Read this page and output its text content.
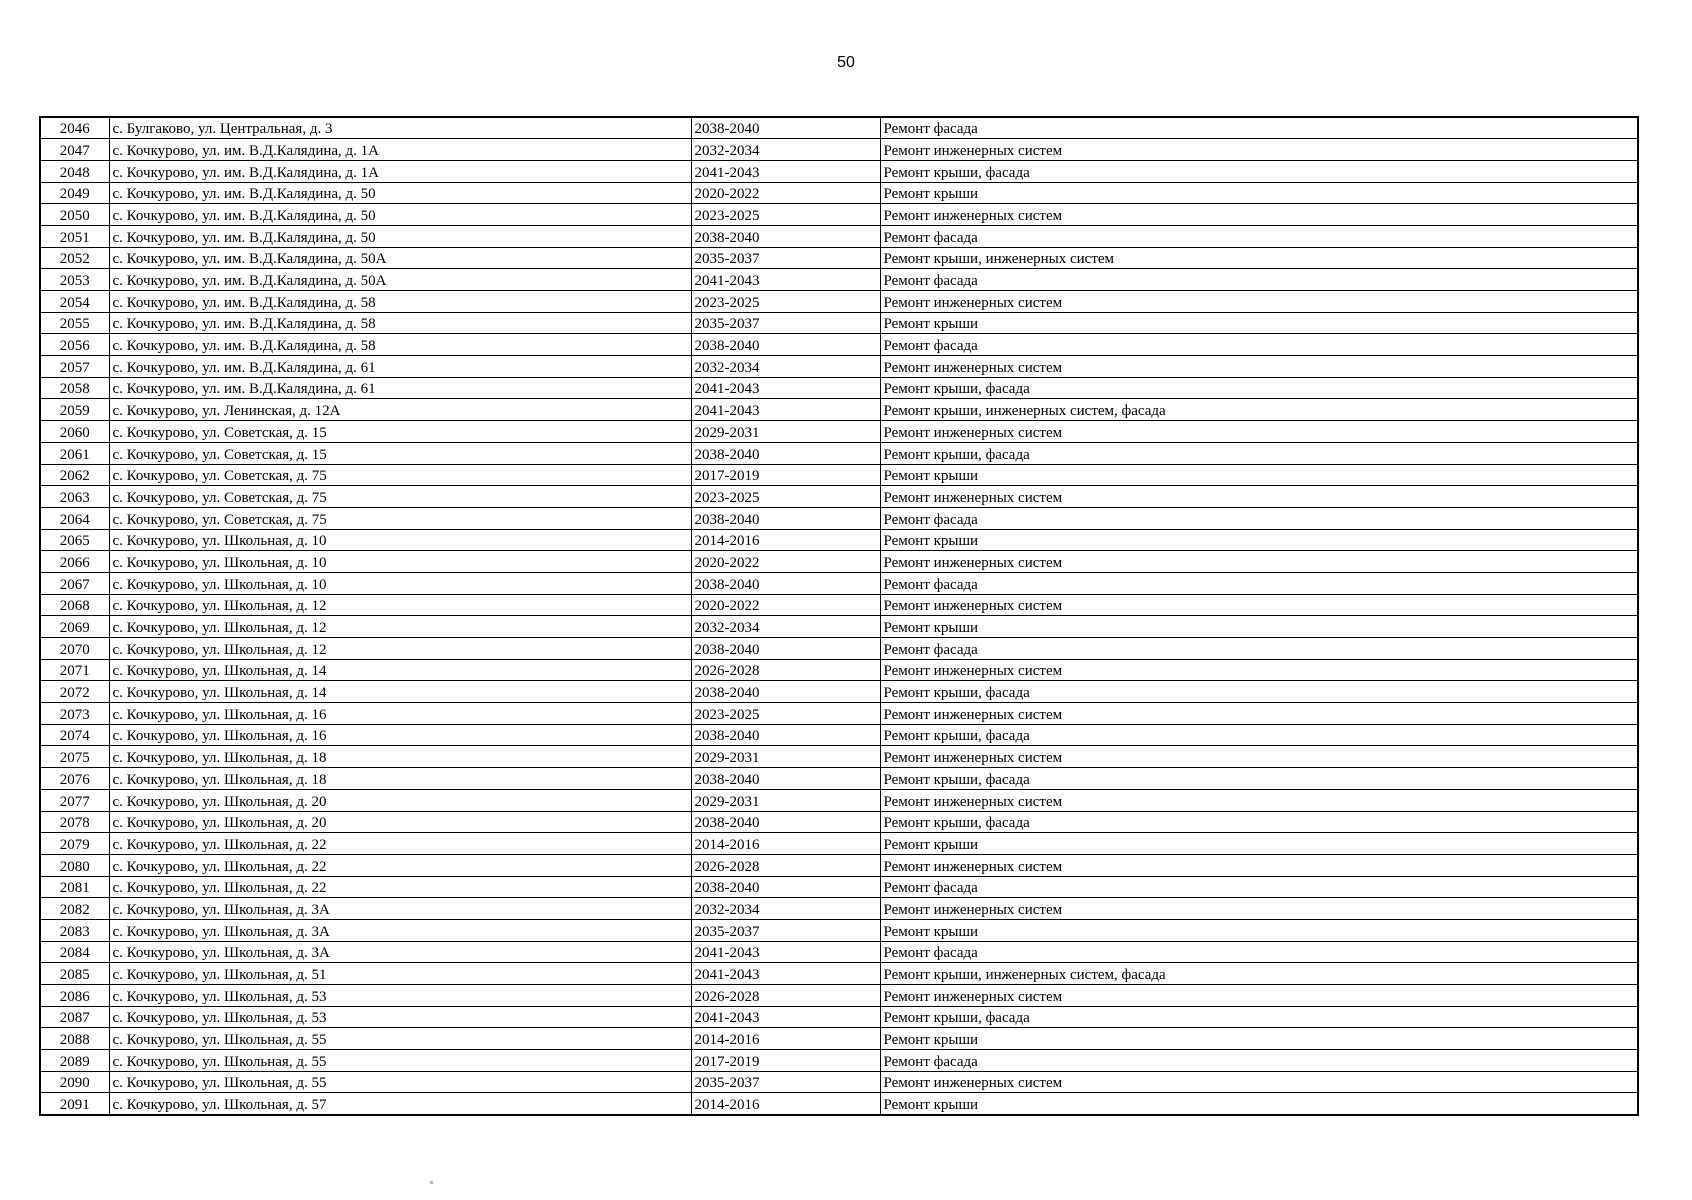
50
2046	с. Булгаково, ул. Центральная, д. 3	2038-2040	Ремонт фасада
2047	с. Кочкурово, ул. им. В.Д.Калядина, д. 1А	2032-2034	Ремонт инженерных систем
2048	с. Кочкурово, ул. им. В.Д.Калядина, д. 1А	2041-2043	Ремонт крыши, фасада
2049	с. Кочкурово, ул. им. В.Д.Калядина, д. 50	2020-2022	Ремонт крыши
2050	с. Кочкурово, ул. им. В.Д.Калядина, д. 50	2023-2025	Ремонт инженерных систем
2051	с. Кочкурово, ул. им. В.Д.Калядина, д. 50	2038-2040	Ремонт фасада
2052	с. Кочкурово, ул. им. В.Д.Калядина, д. 50А	2035-2037	Ремонт крыши, инженерных систем
2053	с. Кочкурово, ул. им. В.Д.Калядина, д. 50А	2041-2043	Ремонт фасада
2054	с. Кочкурово, ул. им. В.Д.Калядина, д. 58	2023-2025	Ремонт инженерных систем
2055	с. Кочкурово, ул. им. В.Д.Калядина, д. 58	2035-2037	Ремонт крыши
2056	с. Кочкурово, ул. им. В.Д.Калядина, д. 58	2038-2040	Ремонт фасада
2057	с. Кочкурово, ул. им. В.Д.Калядина, д. 61	2032-2034	Ремонт инженерных систем
2058	с. Кочкурово, ул. им. В.Д.Калядина, д. 61	2041-2043	Ремонт крыши, фасада
2059	с. Кочкурово, ул. Ленинская, д. 12А	2041-2043	Ремонт крыши, инженерных систем, фасада
2060	с. Кочкурово, ул. Советская, д. 15	2029-2031	Ремонт инженерных систем
2061	с. Кочкурово, ул. Советская, д. 15	2038-2040	Ремонт крыши, фасада
2062	с. Кочкурово, ул. Советская, д. 75	2017-2019	Ремонт крыши
2063	с. Кочкурово, ул. Советская, д. 75	2023-2025	Ремонт инженерных систем
2064	с. Кочкурово, ул. Советская, д. 75	2038-2040	Ремонт фасада
2065	с. Кочкурово, ул. Школьная, д. 10	2014-2016	Ремонт крыши
2066	с. Кочкурово, ул. Школьная, д. 10	2020-2022	Ремонт инженерных систем
2067	с. Кочкурово, ул. Школьная, д. 10	2038-2040	Ремонт фасада
2068	с. Кочкурово, ул. Школьная, д. 12	2020-2022	Ремонт инженерных систем
2069	с. Кочкурово, ул. Школьная, д. 12	2032-2034	Ремонт крыши
2070	с. Кочкурово, ул. Школьная, д. 12	2038-2040	Ремонт фасада
2071	с. Кочкурово, ул. Школьная, д. 14	2026-2028	Ремонт инженерных систем
2072	с. Кочкурово, ул. Школьная, д. 14	2038-2040	Ремонт крыши, фасада
2073	с. Кочкурово, ул. Школьная, д. 16	2023-2025	Ремонт инженерных систем
2074	с. Кочкурово, ул. Школьная, д. 16	2038-2040	Ремонт крыши, фасада
2075	с. Кочкурово, ул. Школьная, д. 18	2029-2031	Ремонт инженерных систем
2076	с. Кочкурово, ул. Школьная, д. 18	2038-2040	Ремонт крыши, фасада
2077	с. Кочкурово, ул. Школьная, д. 20	2029-2031	Ремонт инженерных систем
2078	с. Кочкурово, ул. Школьная, д. 20	2038-2040	Ремонт крыши, фасада
2079	с. Кочкурово, ул. Школьная, д. 22	2014-2016	Ремонт крыши
2080	с. Кочкурово, ул. Школьная, д. 22	2026-2028	Ремонт инженерных систем
2081	с. Кочкурово, ул. Школьная, д. 22	2038-2040	Ремонт фасада
2082	с. Кочкурово, ул. Школьная, д. 3А	2032-2034	Ремонт инженерных систем
2083	с. Кочкурово, ул. Школьная, д. 3А	2035-2037	Ремонт крыши
2084	с. Кочкурово, ул. Школьная, д. 3А	2041-2043	Ремонт фасада
2085	с. Кочкурово, ул. Школьная, д. 51	2041-2043	Ремонт крыши, инженерных систем, фасада
2086	с. Кочкурово, ул. Школьная, д. 53	2026-2028	Ремонт инженерных систем
2087	с. Кочкурово, ул. Школьная, д. 53	2041-2043	Ремонт крыши, фасада
2088	с. Кочкурово, ул. Школьная, д. 55	2014-2016	Ремонт крыши
2089	с. Кочкурово, ул. Школьная, д. 55	2017-2019	Ремонт фасада
2090	с. Кочкурово, ул. Школьная, д. 55	2035-2037	Ремонт инженерных систем
2091	с. Кочкурово, ул. Школьная, д. 57	2014-2016	Ремонт крыши
